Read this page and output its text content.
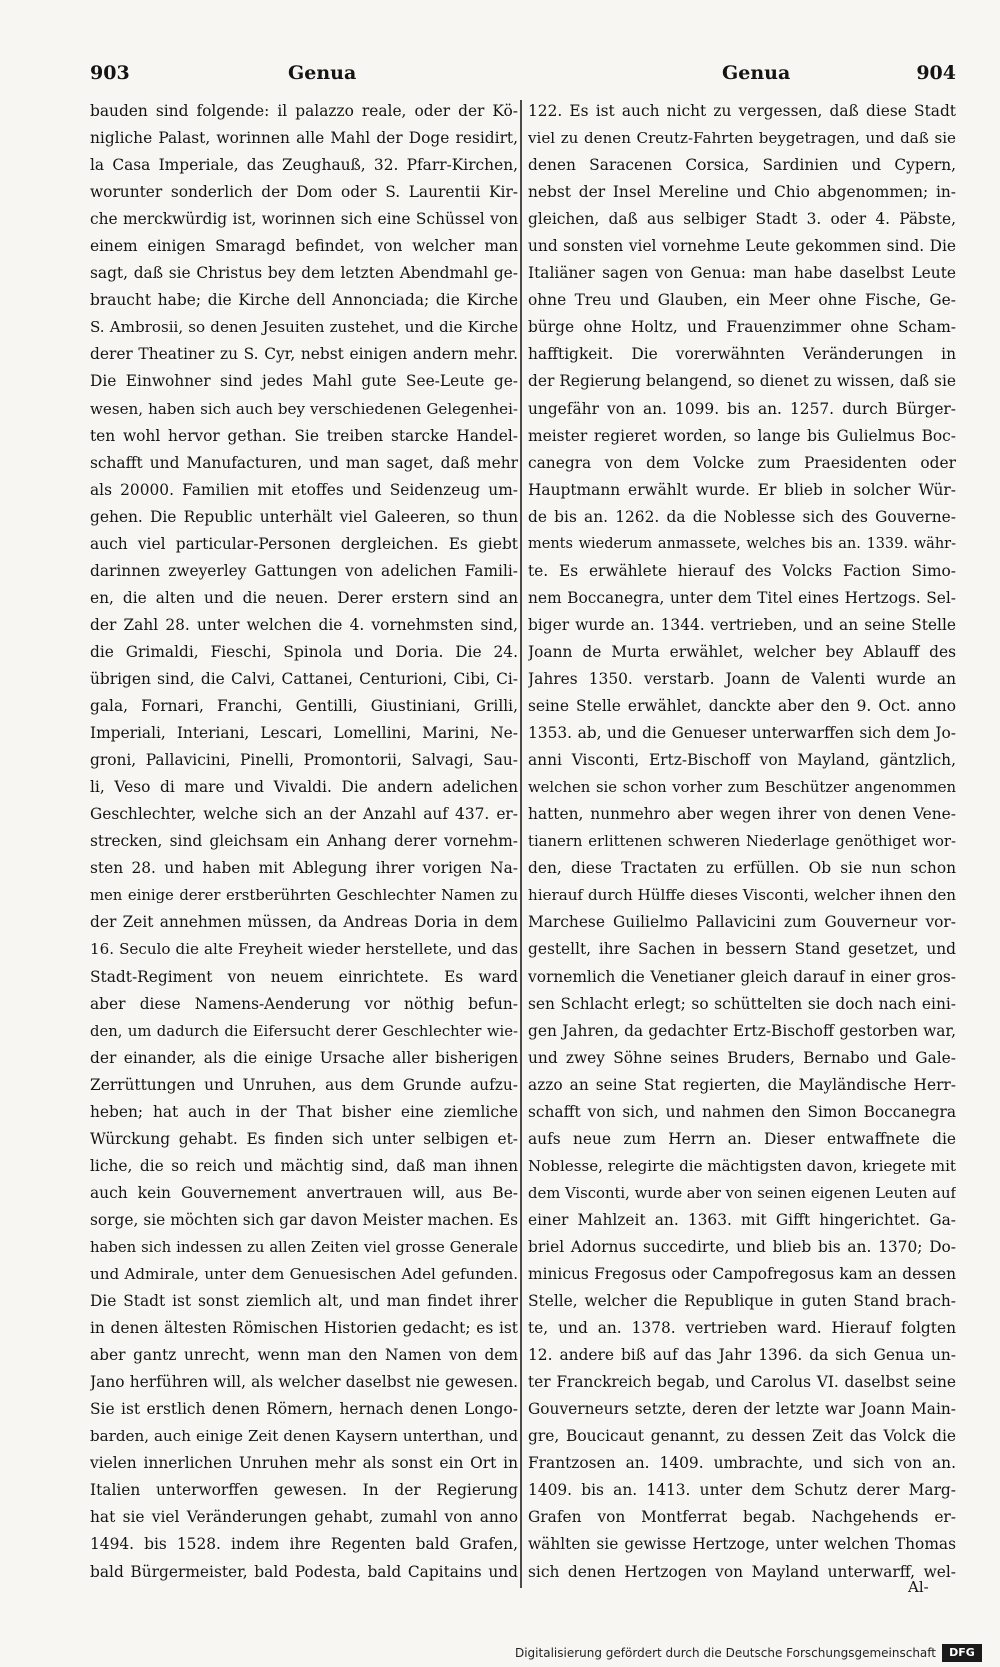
903	Genua	Genua	904
bauden sind folgende: il palazzo reale, oder der Kö-
nigliche Palast, worinnen alle Mahl der Doge residirt,
la Casa Imperiale, das Zeughauß, 32. Pfarr-Kirchen,
worunter sonderlich der Dom oder S. Laurentii Kir-
che merckwürdig ist, worinnen sich eine Schüssel von
einem einigen Smaragd befindet, von welcher man
sagt, daß sie Christus bey dem letzten Abendmahl ge-
braucht habe; die Kirche dell Annonciada; die Kirche
S. Ambrosii, so denen Jesuiten zustehet, und die Kirche
derer Theatiner zu S. Cyr, nebst einigen andern mehr.
Die Einwohner sind jedes Mahl gute See-Leute ge-
wesen, haben sich auch bey verschiedenen Gelegenhei-
ten wohl hervor gethan. Sie treiben starcke Handel-
schafft und Manufacturen, und man saget, daß mehr
als 20000. Familien mit etoffes und Seidenzeug um-
gehen. Die Republic unterhält viel Galeeren, so thun
auch viel particular-Personen dergleichen. Es giebt
darinnen zweyerley Gattungen von adelichen Famili-
en, die alten und die neuen. Derer erstern sind an
der Zahl 28. unter welchen die 4. vornehmsten sind,
die Grimaldi, Fieschi, Spinola und Doria. Die 24.
übrigen sind, die Calvi, Cattanei, Centurioni, Cibi, Ci-
gala, Fornari, Franchi, Gentilli, Giustiniani, Grilli,
Imperiali, Interiani, Lescari, Lomellini, Marini, Ne-
groni, Pallavicini, Pinelli, Promontorii, Salvagi, Sau-
li, Veso di mare und Vivaldi. Die andern adelichen
Geschlechter, welche sich an der Anzahl auf 437. er-
strecken, sind gleichsam ein Anhang derer vornehm-
sten 28. und haben mit Ablegung ihrer vorigen Na-
men einige derer erstberührten Geschlechter Namen zu
der Zeit annehmen müssen, da Andreas Doria in dem
16. Seculo die alte Freyheit wieder herstellete, und das
Stadt-Regiment von neuem einrichtete. Es ward
aber diese Namens-Aenderung vor nöthig befun-
den, um dadurch die Eifersucht derer Geschlechter wie-
der einander, als die einige Ursache aller bisherigen
Zerrüttungen und Unruhen, aus dem Grunde aufzu-
heben; hat auch in der That bisher eine ziemliche
Würckung gehabt. Es finden sich unter selbigen et-
liche, die so reich und mächtig sind, daß man ihnen
auch kein Gouvernement anvertrauen will, aus Be-
sorge, sie möchten sich gar davon Meister machen. Es
haben sich indessen zu allen Zeiten viel grosse Generale
und Admirale, unter dem Genuesischen Adel gefunden.
Die Stadt ist sonst ziemlich alt, und man findet ihrer
in denen ältesten Römischen Historien gedacht; es ist
aber gantz unrecht, wenn man den Namen von dem
Jano herführen will, als welcher daselbst nie gewesen.
Sie ist erstlich denen Römern, hernach denen Longo-
barden, auch einige Zeit denen Kaysern unterthan, und
vielen innerlichen Unruhen mehr als sonst ein Ort in
Italien unterworffen gewesen. In der Regierung
hat sie viel Veränderungen gehabt, zumahl von anno
1494. bis 1528. indem ihre Regenten bald Grafen,
bald Bürgermeister, bald Podesta, bald Capitains und
122. Es ist auch nicht zu vergessen, daß diese Stadt
viel zu denen Creutz-Fahrten beygetragen, und daß sie
denen Saracenen Corsica, Sardinien und Cypern,
nebst der Insel Mereline und Chio abgenommen; in-
gleichen, daß aus selbiger Stadt 3. oder 4. Päbste,
und sonsten viel vornehme Leute gekommen sind. Die
Italiäner sagen von Genua: man habe daselbst Leute
ohne Treu und Glauben, ein Meer ohne Fische, Ge-
bürge ohne Holtz, und Frauenzimmer ohne Scham-
hafftigkeit. Die vorerwähnten Veränderungen in
der Regierung belangend, so dienet zu wissen, daß sie
ungefähr von an. 1099. bis an. 1257. durch Bürger-
meister regieret worden, so lange bis Gulielmus Boc-
canegra von dem Volcke zum Praesidenten oder
Hauptmann erwählt wurde. Er blieb in solcher Wür-
de bis an. 1262. da die Noblesse sich des Gouverne-
ments wiederum anmassete, welches bis an. 1339. währ-
te. Es erwählete hierauf des Volcks Faction Simo-
nem Boccanegra, unter dem Titel eines Hertzogs. Sel-
biger wurde an. 1344. vertrieben, und an seine Stelle
Joann de Murta erwählet, welcher bey Ablauff des
Jahres 1350. verstarb. Joann de Valenti wurde an
seine Stelle erwählet, danckte aber den 9. Oct. anno
1353. ab, und die Genueser unterwarffen sich dem Jo-
anni Visconti, Ertz-Bischoff von Mayland, gäntzlich,
welchen sie schon vorher zum Beschützer angenommen
hatten, nunmehro aber wegen ihrer von denen Vene-
tianern erlittenen schweren Niederlage genöthiget wor-
den, diese Tractaten zu erfüllen. Ob sie nun schon
hierauf durch Hülffe dieses Visconti, welcher ihnen den
Marchese Guilielmo Pallavicini zum Gouverneur vor-
gestellt, ihre Sachen in bessern Stand gesetzet, und
vornemlich die Venetianer gleich darauf in einer gros-
sen Schlacht erlegt; so schüttelten sie doch nach eini-
gen Jahren, da gedachter Ertz-Bischoff gestorben war,
und zwey Söhne seines Bruders, Bernabo und Gale-
azzo an seine Stat regierten, die Mayländische Herr-
schafft von sich, und nahmen den Simon Boccanegra
aufs neue zum Herrn an. Dieser entwaffnete die
Noblesse, relegirte die mächtigsten davon, kriegete mit
dem Visconti, wurde aber von seinen eigenen Leuten auf
einer Mahlzeit an. 1363. mit Gifft hingerichtet. Ga-
briel Adornus succedirte, und blieb bis an. 1370; Do-
minicus Fregosus oder Campofregosus kam an dessen
Stelle, welcher die Republique in guten Stand brach-
te, und an. 1378. vertrieben ward. Hierauf folgten
12. andere biß auf das Jahr 1396. da sich Genua un-
ter Franckreich begab, und Carolus VI. daselbst seine
Gouverneurs setzte, deren der letzte war Joann Main-
gre, Boucicaut genannt, zu dessen Zeit das Volck die
Frantzosen an. 1409. umbrachte, und sich von an.
1409. bis an. 1413. unter dem Schutz derer Marg-
Grafen von Montferrat begab. Nachgehends er-
wählten sie gewisse Hertzoge, unter welchen Thomas
sich denen Hertzogen von Mayland unterwarff, wel-
Al-
Digitalisierung gefördert durch die Deutsche Forschungsgemeinschaft	DFG
